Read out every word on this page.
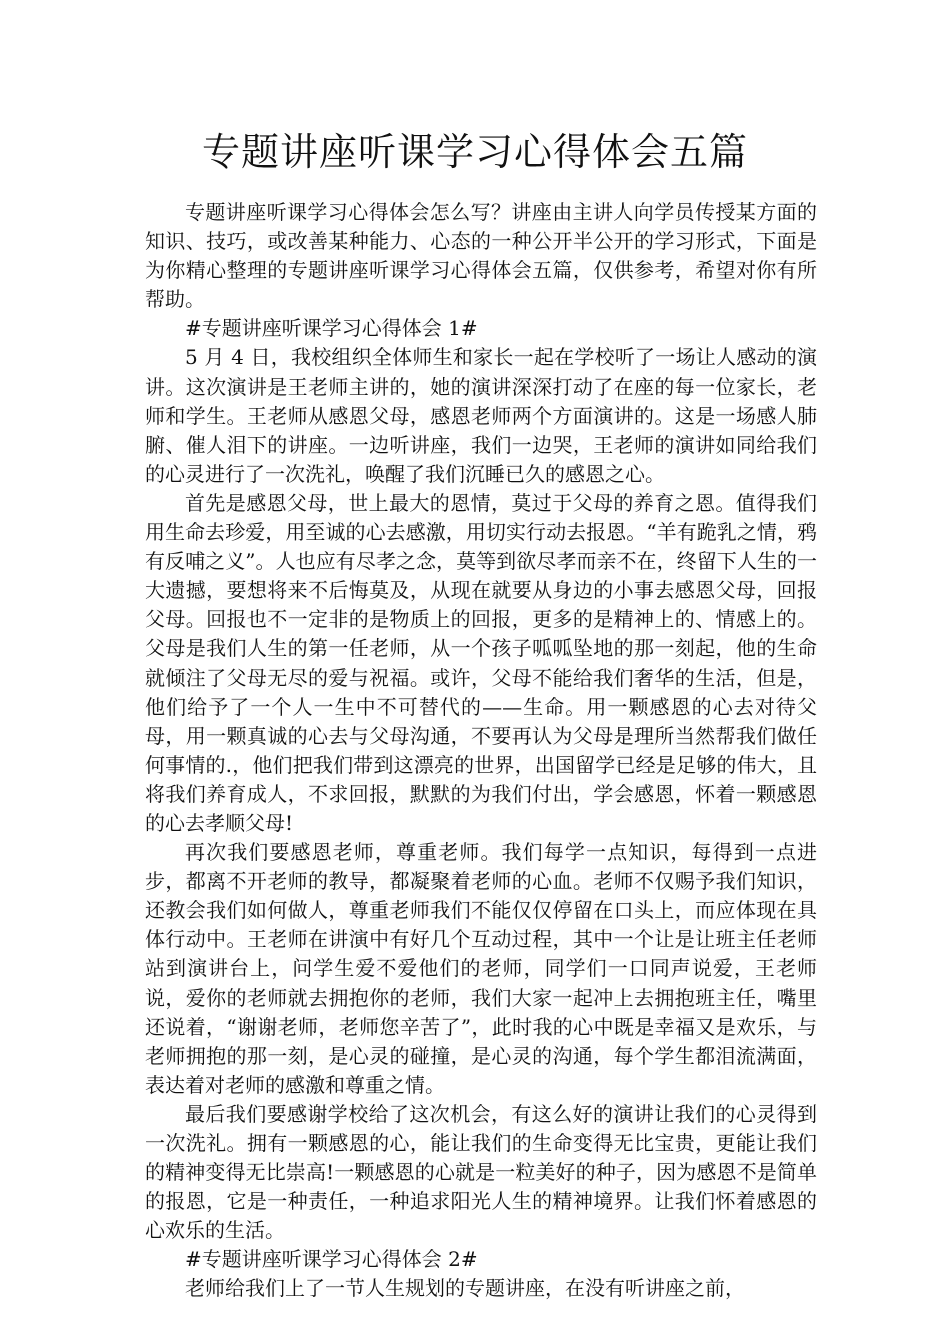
专题讲座听课学习心得体会五篇

专题讲座听课学习心得体会怎么写？讲座由主讲人向学员传授某方面的知识、技巧，或改善某种能力、心态的一种公开半公开的学习形式，下面是为你精心整理的专题讲座听课学习心得体会五篇，仅供参考，希望对你有所帮助。

#专题讲座听课学习心得体会 1#

5 月 4 日，我校组织全体师生和家长一起在学校听了一场让人感动的演讲。这次演讲是王老师主讲的，她的演讲深深打动了在座的每一位家长，老师和学生。王老师从感恩父母，感恩老师两个方面演讲的。这是一场感人肺腑、催人泪下的讲座。一边听讲座，我们一边哭，王老师的演讲如同给我们的心灵进行了一次洗礼，唤醒了我们沉睡已久的感恩之心。

首先是感恩父母，世上最大的恩情，莫过于父母的养育之恩。值得我们用生命去珍爱，用至诚的心去感激，用切实行动去报恩。“羊有跪乳之情，鸦有反哺之义”。人也应有尽孝之念，莫等到欲尽孝而亲不在，终留下人生的一大遗撼，要想将来不后悔莫及，从现在就要从身边的小事去感恩父母，回报父母。回报也不一定非的是物质上的回报，更多的是精神上的、情感上的。父母是我们人生的第一任老师，从一个孩子呱呱坠地的那一刻起，他的生命就倾注了父母无尽的爱与祝福。或许，父母不能给我们奢华的生活，但是，他们给予了一个人一生中不可替代的——生命。用一颗感恩的心去对待父母，用一颗真诚的心去与父母沟通，不要再认为父母是理所当然帮我们做任何事情的.，他们把我们带到这漂亮的世界，出国留学已经是足够的伟大，且将我们养育成人，不求回报，默默的为我们付出，学会感恩，怀着一颗感恩的心去孝顺父母!

再次我们要感恩老师，尊重老师。我们每学一点知识，每得到一点进步，都离不开老师的教导，都凝聚着老师的心血。老师不仅赐予我们知识，还教会我们如何做人，尊重老师我们不能仅仅停留在口头上，而应体现在具体行动中。王老师在讲演中有好几个互动过程，其中一个让是让班主任老师站到演讲台上，问学生爱不爱他们的老师，同学们一口同声说爱，王老师说，爱你的老师就去拥抱你的老师，我们大家一起冲上去拥抱班主任，嘴里还说着，“谢谢老师，老师您辛苦了”，此时我的心中既是幸福又是欢乐，与老师拥抱的那一刻，是心灵的碰撞，是心灵的沟通，每个学生都泪流满面，表达着对老师的感激和尊重之情。

最后我们要感谢学校给了这次机会，有这么好的演讲让我们的心灵得到一次洗礼。拥有一颗感恩的心，能让我们的生命变得无比宝贵，更能让我们的精神变得无比崇高!一颗感恩的心就是一粒美好的种子，因为感恩不是简单的报恩，它是一种责任，一种追求阳光人生的精神境界。让我们怀着感恩的心欢乐的生活。

#专题讲座听课学习心得体会 2#

老师给我们上了一节人生规划的专题讲座，在没有听讲座之前，
